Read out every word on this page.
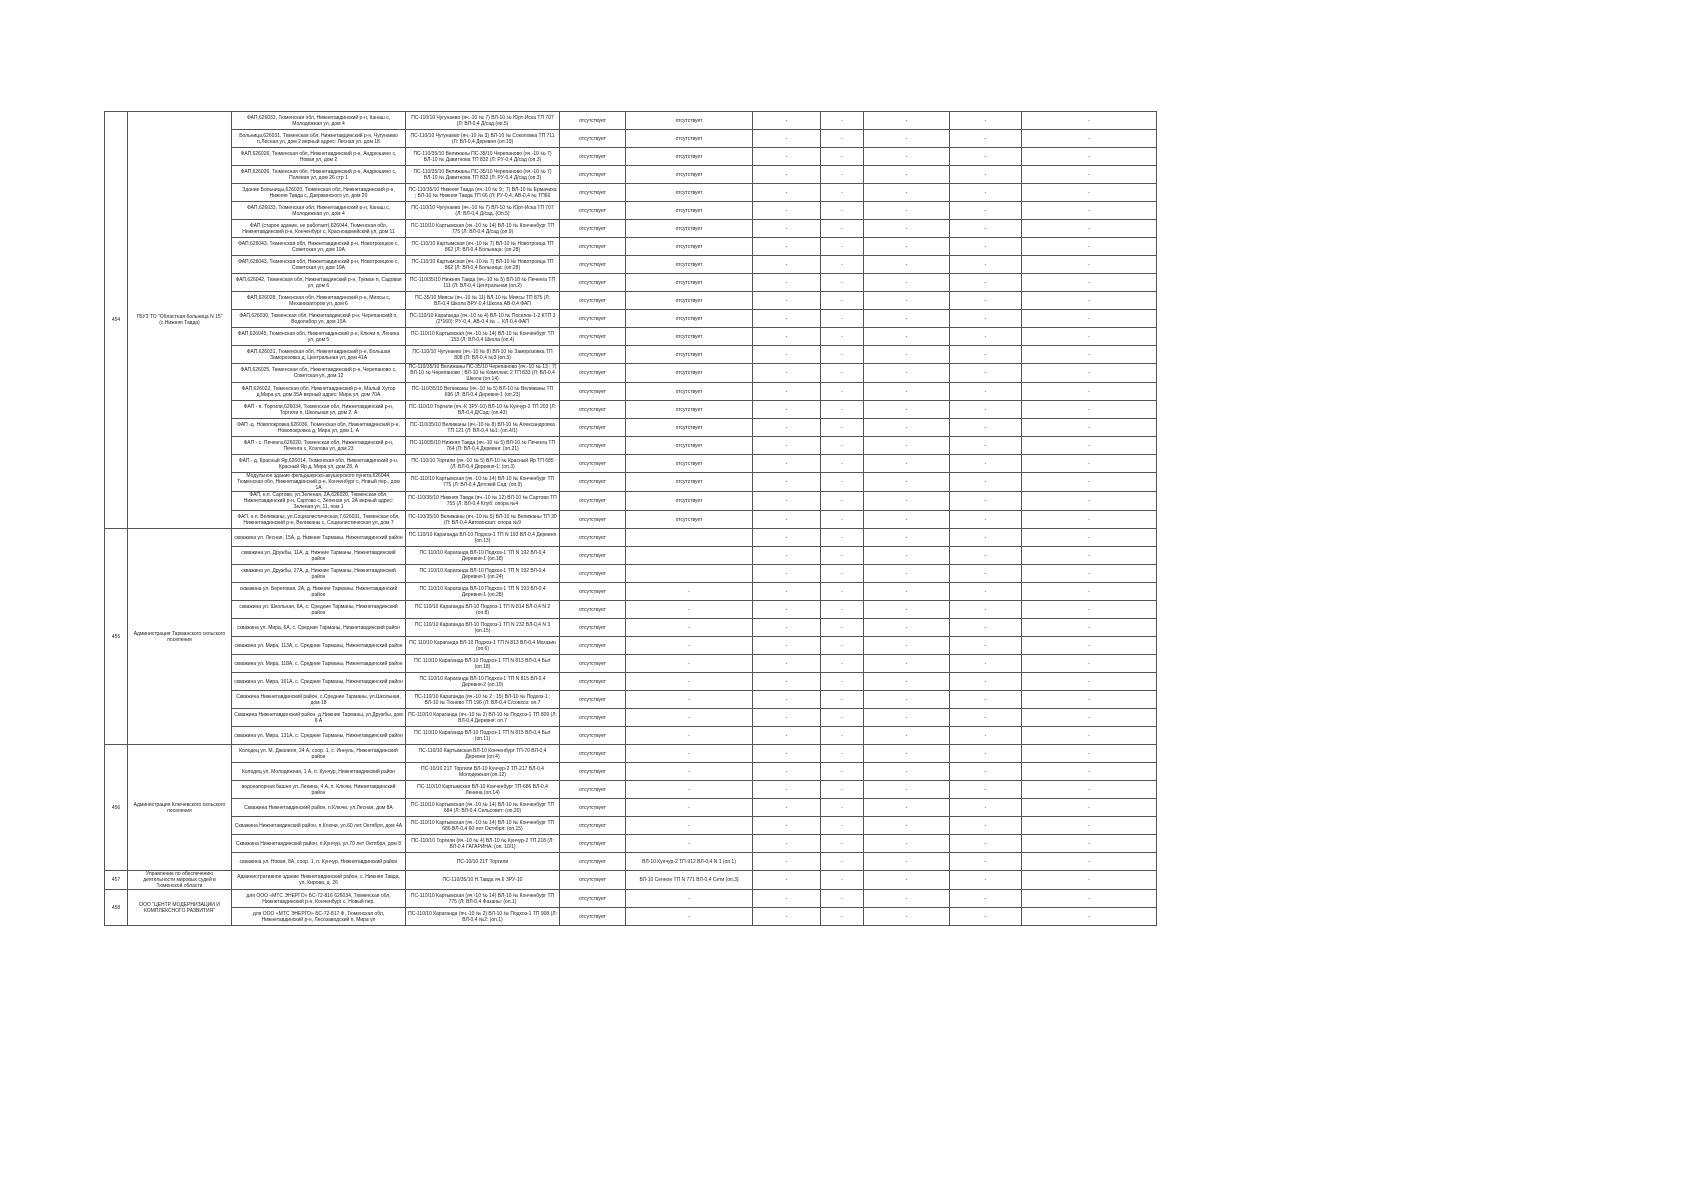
454	ГБУЗ ТО "Областная больница N 15" (с.Нижняя Тавда)	ФАП,626033, Тюменская обл, Нижнетавдинский р-н, Канаш с, Молодежная ул, дом 4	ПС-110/10 Чугунаево (яч.-10 № 7) ВЛ-10 № Юрт-Иска ТП 707 (Л: ВЛ-0,4 Д/сад (оп.5)	отсутствует	отсутствует	-	-	-	-	-
		Больница,626031, Тюменская обл, Нижнетавдинский р-н, Чугунаево п,Лесная ул, дом 2 верный адрес: Лесная ул. дом 18	ПС-110/10 Чугунаево (яч.-10 № 3) ВЛ-10 № Соколовка ТП 711 (Л: ВЛ-0,4 Деревня (оп.19)	отсутствует	отсутствует	-	-	-	-	-
		ФАП,626026, Тюменская обл, Нижнетавдинский р-н, Андрюшино с, Новая ул, дом 2	ПС-110/35/10 Велижаны ПС-35/10 Черепаново (яч.-10 № 7) ВЛ-10 № Давитнова ТП 832 (Л: РУ-0,4 Д/сад (оп.3)	отсутствует	отсутствует	-	-	-	-	-
		ФАП,626026, Тюменская обл, Нижнетавдинский р-н, Андрюшино с, Полевая ул, дом 26 стр 1	ПС-110/35/10 Велижаны ПС-35/10 Черепаново (яч.-10 № 7) ВЛ-10 № Давитнова ТП 832 (Л: РУ-0,4 Д/сад (оп.3)	отсутствует	отсутствует	-	-	-	-	-
		Здание Больницы,626020, Тюменская обл, Нижнетавдинский р-н, Нижняя Тавда с, Дзержинского ул, дом 20	ПС-110/35/10 Нижняя Тавда (яч.-10 № 9 ; 7) ВЛ-10 № Ермачиха ; ВЛ-10 № Нижняя Тавда ТП 66 (Л: РУ-0,4, АВ-0,4 № ТП66	отсутствует	отсутствует	-	-	-	-	-
		ФАП,626033, Тюменская обл, Нижнетавдинский р-н, Канаш с, Молодежная ул, дом 4	ПС-110/10 Чугунаево (яч.-10 № 7) ВЛ-10 № Юрт-Иска ТП 707 (Л: ВЛ-0,4 Д/сад. (Оп.5)	отсутствует	отсутствует	-	-	-	-	-
		ФАП (старое здание, не работает),626044, Тюменская обл, Нижнетавдинский р-н, Конченбург с, Красноармейский ул, дом 11	ПС-110/10 Картымская (яч.-10 № 14) ВЛ-10 № Конченбург ТП 775 (Л: ВЛ-0,4 Д/сад (оп.9)	отсутствует	отсутствует	-	-	-	-	-
		ФАП,626043, Тюменская обл, Нижнетавдинский р-н, Новотроицкое с, Советская ул, дом 19А	ПС-110/10 Картымская (яч.-10 № 7) ВЛ-10 № Новотроица ТП 862 (Л: ВЛ-0,4 Больница: (оп.28)	отсутствует	отсутствует	-	-	-	-	-
		ФАП,626043, Тюменская обл, Нижнетавдинский р-н, Новотроицкое с, Советская ул, дом 19А	ПС-110/10 Картымская (яч.-10 № 7) ВЛ-10 № Новотроица ТП 862 (Л: ВЛ-0,4 Больница: (оп.28)	отсутствует	отсутствует	-	-	-	-	-
		ФАП,626042, Тюменская обл, Нижнетавдинский р-н, Тукман п, Садовая ул, дом 6	ПС-110/35/10 Нижняя Тавда (яч.-10 № 5) ВЛ-10 № Печенга ТП 111 (Л: ВЛ-0,4 Центральная (оп.2)	отсутствует	отсутствует	-	-	-	-	-
		ФАП,626028, Тюменская обл, Нижнетавдинский р-н, Миясы с, Механизаторов ул, дом 6	ПС-35/10 Миясы (яч.-10 № 11) ВЛ-10 № Миясы ТП 875 (Л: ВЛ-0,4 Школа ВРУ-0,4 Школа АВ-0,4 ФАП	отсутствует	отсутствует	-	-	-	-	-
		ФАП,626030, Тюменская обл, Нижнетавдинский р-н, Черепанский п, Водолабор ул, дом 10А	ПС-110/10 Караганда (яч.-10 № 4) ВЛ-10 № Поселок-1-2 КТП 3 (2*160): РУ-0,4, АВ-0,4 № ... КЛ-0,4 ФАП	отсутствует	отсутствует	-	-	-	-	-
		ФАП,626045, Тюменская обл, Нижнетавдинский р-н, Ключи п, Ленина ул, дом 5	ПС-110/10 Картымская (яч.-10 № 14) ВЛ-10 № Конченбург ТП 153 (Л: ВЛ-0,4 Школа (оп.4)	отсутствует	отсутствует	-	-	-	-	-
		ФАП,626031, Тюменская обл, Нижнетавдинский р-н, Большая Заморозовка д, Центральная ул, дом 41А	ПС-110/10 Чугунаево (яч.-10 № 8) ВЛ-10 № Заморозовка ТП 808 (Л: ВЛ-0,4 №3 (оп.3)	отсутствует	отсутствует	-	-	-	-	-
		ФАП,626025, Тюменская обл, Нижнетавдинский р-н, Черепаново с, Советская ул, дом 12	ПС-110/35/10 Велижаны ПС-35/10 Черепаново (яч.-10 № 13 ; 7) ВЛ-10 № Черепаново ; ВЛ-10 № Комплекс 2 ТП 833 (Л: ВЛ-0,4 Школа (оп.14)	отсутствует	отсутствует	-	-	-	-	-
		ФАП,626022, Тюменская обл, Нижнетавдинский р-н, Малый Хутор д,Мира ул, дом 35А верный адрес: Мира ул, дом 70А	ПС-110/35/10 Велижаны (яч.-10 № 5) ВЛ-10 № Велижаны ТП 696 (Л: ВЛ-0,4 Деревня-1 (оп.23)	отсутствует	отсутствует	-	-	-	-	-
		ФАП - п. Торгили,626034, Тюменская обл, Нижнетавдинский р-н, Торгили п, Школьная ул, дом 2, А	ПС-110/10 Торгили (яч.-К ЗРУ-10) ВЛ-10 № Кунчур-2 ТП 203 (Л: ВЛ-0,4 Д/Сад: (оп.43)	отсутствует	отсутствует	-	-	-	-	-
		ФАП -д. Новопокровка,626036, Тюменская обл, Нижнетавдинский р-н, Новопокровка д, Мира ул, дом 1, А	ПС-110/35/10 Велижаны (яч.-10 № 8) ВЛ-10 № Александровка ТП 121 (Л: ВЛ-0,4 №1: (оп.4/1)	отсутствует	отсутствует	-	-	-	-	-
		ФАП - с. Печенга,626020, Тюменская обл, Нижнетавдинский р-н, Печенга с, Козлова ул, дом 23	ПС-110/35/10 Нижняя Тавда (яч.-10 № 5) ВЛ-10 № Печенга ТП 764 (Л: ВЛ-0,4 Деревня: (оп.21)	отсутствует	отсутствует	-	-	-	-	-
		ФАП - д. Красный Яр,626014, Тюменская обл, Нижнетавдинский р-н, Красный Яр д, Мира ул, дом 28, А	ПС-110/10 Торгили (яч.-10 № 5) ВЛ-10 № Красный Яр ТП 685 (Л: ВЛ-0,4 Деревня-1: (оп.3)	отсутствует	отсутствует	-	-	-	-	-
		Модульное здание фельдшерско-акушерского пункта,626044, Тюменская обл, Нижнетавдинский р-н, Конченбург с, Новый пер., дом 1А	ПС-110/10 Картымская (яч.-10 № 14) ВЛ-10 № Конченбург ТП 775 (Л: ВЛ-0,4 Детский Сад: (оп.9)	отсутствует	отсутствует	-	-	-	-	-
		ФАП, н.п. Сартово, ул.Зеленая, 2А,626020, Тюменская обл, Нижнетавдинский р-н, Сартово с, Зеленая ул, 2А верный адрес: Зеленая ул, 11, пом 1	ПС-110/35/10 Нижняя Тавда (яч.-10 № 12) ВЛ-10 № Сартово ТП 755 (Л: ВЛ-0,4 Клуб: опора №4	отсутствует	отсутствует	-	-	-	-	-
		ФАП, н.п. Велижаны, ул.Социалистическая,7,626031, Тюменская обл, Нижнетавдинский р-н, Велижаны с, Социалистическая ул, дом 7	ПС-110/35/10 Велижаны (яч.-10 № 5) ВЛ-10 № Велижаны ТП 20 (Л: ВЛ-0,4 Автовокзал: опора №9	отсутствует	отсутствует	-	-	-	-	-
455	Администрация Тарманского сельского поселения	скважина ул. Лесная, 15А, д. Нижние Тарманы, Нижнетавдинский район	ПС 110/10 Караганда ВЛ-10 Подхоз-1 ТП N 193 ВЛ-0,4 Деревня (оп.13)	отсутствует		-	-	-	-	-
		скважина ул. Дружбы, 11А, д. Нижние Тарманы, Нижнетавдинский район	ПС 110/10 Караганда ВЛ-10 Подхоз-1 ТП N 192 ВЛ-0,4 Деревня-1 (оп.18)	отсутствует		-	-	-	-	-
		скважина ул. Дружбы, 27А, д. Нижние Тарманы, Нижнетавдинский район	ПС 110/10 Караганда ВЛ-10 Подхоз-1 ТП N 192 ВЛ-0,4 Деревня-1 (оп.24)	отсутствует		-	-	-	-	-
		скважина ул. Береговая, 2А, д. Нижние Тарманы, Нижнетавдинский район	ПС 110/10 Караганда ВЛ-10 Подхоз-1 ТП N 193 ВЛ-0,4 Деревня-1 (оп.28)	отсутствует	-	-	-	-	-	-
		скважина ул. Школьная, 6А, с. Средние Тарманы, Нижнетавдинский район	ПС 110/10 Караганда ВЛ-10 Подхоз-1 ТП N 814 ВЛ-0,4 N 2 (оп.8)	отсутствует	-	-	-	-	-	-
		скважина ул. Мира, 6А, с. Средние Тарманы, Нижнетавдинский район	ПС 110/10 Караганда ВЛ-10 Подхоз-1 ТП N 232 ВЛ-0,4 N 3 (оп.15)	отсутствует	-	-	-	-	-	-
		скважина ул. Мира, 113А, с. Средние Тарманы, Нижнетавдинский район	ПС 110/10 Караганда ВЛ-10 Подхоз-1 ТП N 813 ВЛ-0,4 Магазин (оп.6)	отсутствует	-	-	-	-	-	-
		скважина ул. Мира, 118А, с. Средние Тарманы, Нижнетавдинский район	ПС 110/10 Караганда ВЛ-10 Подхоз-1 ТП N 813 ВЛ-0,4 Быт (оп.18)	отсутствует	-	-	-	-	-	-
		скважина ул. Мира, 161А, с. Средние Тарманы, Нижнетавдинский район	ПС 110/10 Караганда ВЛ-10 Подхоз-1 ТП N 815 ВЛ-0,4 Деревня-2 (оп.10)	отсутствует	-	-	-	-	-	-
		Скважина Нижнетавдинский район, с.Средние Тарманы, ул.Школьная, дом 18	ПС-110/10 Караганда (яч.-10 № 2 ; 15) ВЛ-10 № Подхоз-1 ; ВЛ-10 № Тюнево ТП 196 (Л: ВЛ-0,4 С/совхоз: оп.7	отсутствует	-	-	-	-	-	-
		Скважина Нижнетавдинский район, д.Нижние Тарманы, ул.Дружбы, дом 6 А	ПС-110/10 Караганда (яч.-10 № 2) ВЛ-10 № Подхоз-1 ТП 809 (Л: ВЛ-0,4 Деревня: оп.7	отсутствует	-	-	-	-	-	-
		скважина ул. Мира, 131А, с. Средние Тарманы, Нижнетавдинский район	ПС 110/10 Караганда ВЛ-10 Подхоз-1 ТП N 815 ВЛ-0,4 Быт (оп.11)	отсутствует	-	-	-	-	-	-
456	Администрация Ключевского сельского поселения	Колодец ул. М. Джалиля, 24 А, соор. 1, с. Иннуль, Нижнетавдинский район	ПС-110/10 Картымская ВЛ-10 Конченбург ТП-70 ВЛ-0,4 Деревня (оп.4)	отсутствует	-	-	-	-	-	-
		Колодец ул. Молодежная, 1 А, п. Кунчур, Нижнетавдинский район	ПС-10/10 21Т Торгили ВЛ-10 Кунчур-2 ТП-217 ВЛ-0,4 Молодежная (оп.12)	отсутствует	-	-	-	-	-	-
		водонапорная башня ул. Ленина, 4 А, п. Ключи, Нижнетавдинский район	ПС-110/10 Картымская ВЛ-10 Конченбург ТП-686 ВЛ-0,4 Ленина (оп.14)	отсутствует	-	-	-	-	-	-
		Скважина Нижнетавдинский район, п.Ключи, ул.Лесная, дом 8А	ПС-110/10 Картымская (яч.-10 № 14) ВЛ-10 № Конченбург ТП 684 (Л: ВЛ-0,4 Сельсовет: (оп.20)	отсутствует	-	-	-	-	-	-
		Скважина Нижнетавдинский район, п.Ключи, ул.60 лет Октября, дом 4А	ПС-110/10 Картымская (яч.-10 № 14) ВЛ-10 № Конченбург ТП 686 ВЛ-0,4 60 лет Октября: (оп.15)	отсутствует	-	-	-	-	-	-
		Скважина Нижнетавдинский район, п.Кунчур, ул.70 лет Октября, дом 8	ПС-110/10 Торгили (яч.-10 № 4) ВЛ-10 № Кунчур-2 ТП 218 (Л: ВЛ-0,4 ГАГАРИНА: (оп. 10/1)	отсутствует	-	-	-	-	-	-
		скважина ул. Новая, 8А, соор. 1, п. Кунчур, Нижнетавдинский район	ПС-10/10 21Т Торгили	отсутствует	ВЛ-10 Кунчур-2 ТП-912 ВЛ-0,4 N 1 (оп.1)	-	-	-	-	-
457	Управление по обеспечению деятельности мировых судей в Тюменской области	Административное здание Нижнетавдинский район, с. Нижняя Тавда, ул. Кирова, д. 26	ПС-110/35/10 Н.Тавда яч.6 ЗРУ-10	отсутствует	ВЛ-10 Сенное ТП N 771 ВЛ-0,4 Сети (оп.3)	-	-	-	-	-
458	ООО "ЦЕНТР МОДЕРНИЗАЦИИ И КОМПЛЕКСНОГО РАЗВИТИЯ"	для ООО «МТС ЭНЕРГО» БС-72-816 626034, Тюменская обл, Нижнетавдинский р-н, Конченбург с, Новый пер.	ПС-110/10 Картымская (яч.-10 № 14) ВЛ-10 № Конченбург ТП 775 (Л: ВЛ-0,4 Фазаны: (оп.1)	отсутствует	-	-	-	-	-	-
		для ООО «МТС ЭНЕРГО» БС-72-817 Ф, Тюменская обл, Нижнетавдинский р-н, Лесозаводский п, Мира ул	ПС-110/10 Караганда (яч.-10 № 2) ВЛ-10 № Подхоз-1 ТП 908 (Л: ВЛ-0,4 №2: (оп.1)	отсутствует	-	-	-	-	-	-
